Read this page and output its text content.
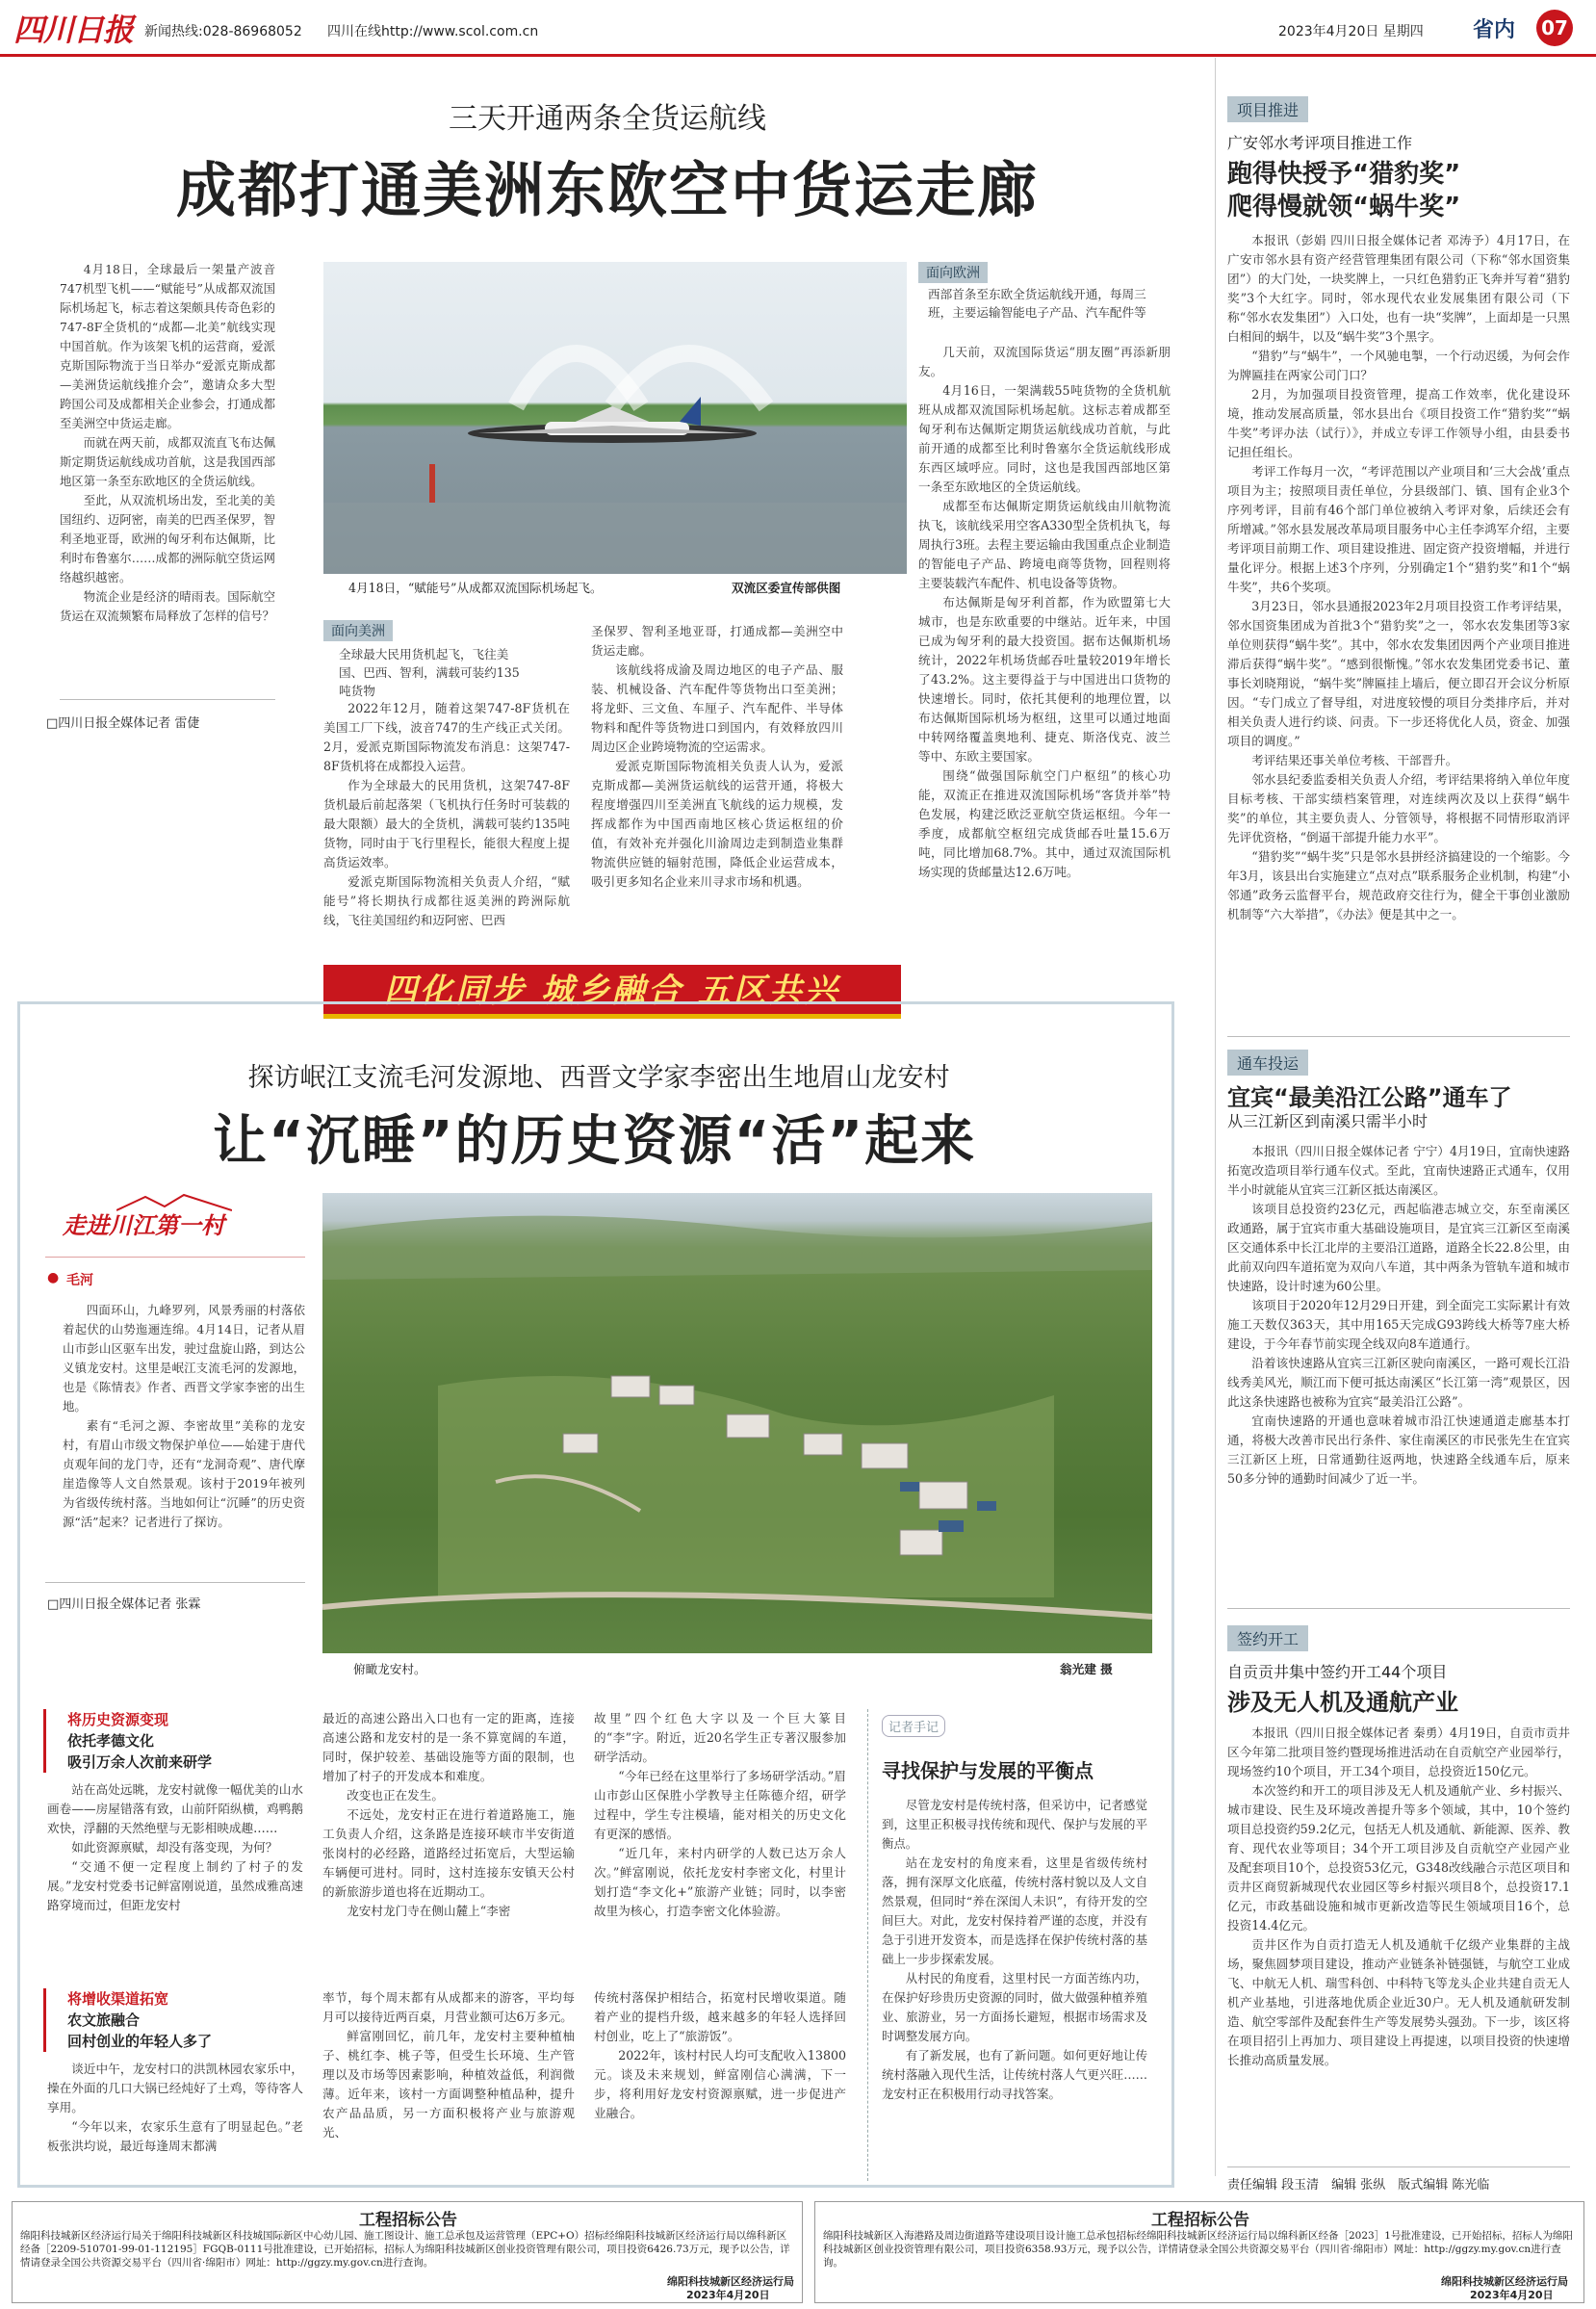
四川日报 新闻热线:028-86968052 四川在线http://www.scol.com.cn	2023年4月20日 星期四 省内 07
三天开通两条全货运航线
成都打通美洲东欧空中货运走廊

4月18日，全球最后一架量产波音747机型飞机——“赋能号”从成都双流国际机场起飞，标志着这架颇具传奇色彩的747-8F全货机的“成都—北美”航线实现中国首航。作为该架飞机的运营商，爱派克斯国际物流于当日举办“爱派克斯成都—美洲货运航线推介会”，邀请众多大型跨国公司及成都相关企业参会，打通成都至美洲空中货运走廊。

而就在两天前，成都双流直飞布达佩斯定期货运航线成功首航，这是我国西部地区第一条至东欧地区的全货运航线。

至此，从双流机场出发，至北美的美国纽约、迈阿密，南美的巴西圣保罗，智利圣地亚哥，欧洲的匈牙利布达佩斯，比利时布鲁塞尔……成都的洲际航空货运网络越织越密。

物流企业是经济的晴雨表。国际航空货运在双流频繁布局释放了怎样的信号？

□四川日报全媒体记者 雷倢
4月18日，“赋能号”从成都双流国际机场起飞。	双流区委宣传部供图
面向美洲
全球最大民用货机起飞，飞往美国、巴西、智利，满载可装约135吨货物

2022年12月，随着这架747-8F货机在美国工厂下线，波音747的生产线正式关闭。2月，爱派克斯国际物流发布消息：这架747-8F货机将在成都投入运营。

作为全球最大的民用货机，这架747-8F货机最后前起落架（飞机执行任务时可装载的最大限额）最大的全货机，满载可装约135吨货物，同时由于飞行里程长，能很大程度上提高货运效率。

爱派克斯国际物流相关负责人介绍，“赋能号”将长期执行成都往返美洲的跨洲际航线，飞往美国纽约和迈阿密、巴西

圣保罗、智利圣地亚哥，打通成都—美洲空中货运走廊。

该航线将成渝及周边地区的电子产品、服装、机械设备、汽车配件等货物出口至美洲；将龙虾、三文鱼、车厘子、汽车配件、半导体物料和配件等货物进口到国内，有效释放四川周边区企业跨境物流的空运需求。

爱派克斯国际物流相关负责人认为，爱派克斯成都—美洲货运航线的运营开通，将极大程度增强四川至美洲直飞航线的运力规模，发挥成都作为中国西南地区核心货运枢纽的价值，有效补充并强化川渝周边走到制造业集群物流供应链的辐射范围，降低企业运营成本，吸引更多知名企业来川寻求市场和机遇。

面向欧洲
西部首条至东欧全货运航线开通，每周三班，主要运输智能电子产品、汽车配件等

几天前，双流国际货运“朋友圈”再添新朋友。

4月16日，一架满载55吨货物的全货机航班从成都双流国际机场起航。这标志着成都至匈牙利布达佩斯定期货运航线成功首航，与此前开通的成都至比利时鲁塞尔全货运航线形成东西区域呼应。同时，这也是我国西部地区第一条至东欧地区的全货运航线。

成都至布达佩斯定期货运航线由川航物流执飞，该航线采用空客A330型全货机执飞，每周执行3班。去程主要运输由我国重点企业制造的智能电子产品、跨境电商等货物，回程则将主要装载汽车配件、机电设备等货物。

布达佩斯是匈牙利首都，作为欧盟第七大城市，也是东欧重要的中继站。近年来，中国已成为匈牙利的最大投资国。据布达佩斯机场统计，2022年机场货邮吞吐量较2019年增长了43.2%。这主要得益于与中国进出口货物的快速增长。同时，依托其便利的地理位置，以布达佩斯国际机场为枢纽，这里可以通过地面中转网络覆盖奥地利、捷克、斯洛伐克、波兰等中、东欧主要国家。

围绕“做强国际航空门户枢纽”的核心功能，双流正在推进双流国际机场“客货并举”特色发展，构建泛欧泛亚航空货运枢纽。今年一季度，成都航空枢纽完成货邮吞吐量15.6万吨，同比增加68.7%。其中，通过双流国际机场实现的货邮量达12.6万吨。

四化同步 城乡融合 五区共兴
探访岷江支流毛河发源地、西晋文学家李密出生地眉山龙安村
让“沉睡”的历史资源“活”起来
走进川江第一村
● 毛河

四面环山，九峰罗列，风景秀丽的村落依着起伏的山势迤逦连绵。4月14日，记者从眉山市彭山区驱车出发，驶过盘旋山路，到达公义镇龙安村。这里是岷江支流毛河的发源地，也是《陈情表》作者、西晋文学家李密的出生地。

素有“毛河之源、李密故里”美称的龙安村，有眉山市级文物保护单位——始建于唐代贞观年间的龙门寺，还有“龙洞奇观”、唐代摩崖造像等人文自然景观。该村于2019年被列为省级传统村落。当地如何让“沉睡”的历史资源“活”起来？记者进行了探访。

□四川日报全媒体记者 张霖
俯瞰龙安村。	翁光建 摄
将历史资源变现
依托孝德文化
吸引万余人次前来研学

站在高处远眺，龙安村就像一幅优美的山水画卷——房屋错落有致，山前阡陌纵横，鸡鸭鹅欢快，浮翻的天然绝壁与无影相映成趣……

如此资源禀赋，却没有落变现，为何？

“交通不便一定程度上制约了村子的发展。”龙安村党委书记鲜富刚说道，虽然成雅高速路穿境而过，但距龙安村

将增收渠道拓宽
农文旅融合
回村创业的年轻人多了

谈近中午，龙安村口的洪凯林园农家乐中，操在外面的几口大锅已经炖好了土鸡，等待客人享用。

“今年以来，农家乐生意有了明显起色。”老板张洪均说，最近每逢周末都满

最近的高速公路出入口也有一定的距离，连接高速公路和龙安村的是一条不算宽阔的车道，同时，保护较差、基础设施等方面的限制，也增加了村子的开发成本和难度。

改变也正在发生。

不远处，龙安村正在进行着道路施工，施工负责人介绍，这条路是连接环峡市半安街道张岗村的必经路，道路经过拓宽后，大型运输车辆便可进村。同时，这村连接东安镇天公村的新旅游步道也将在近期动工。

龙安村龙门寺在侧山麓上“李密

率节，每个周末都有从成都来的游客，平均每月可以接待近两百桌，月营业额可达6万多元。

鲜富刚回忆，前几年，龙安村主要种植柚子、桃红李、桃子等，但受生长环境、生产管理以及市场等因素影响，种植效益低，利润微薄。近年来，该村一方面调整种植品种，提升农产品品质，另一方面积极将产业与旅游观光、

故里”四个红色大字以及一个巨大篆目的“李”字。附近，近20名学生正专著汉服参加研学活动。

“今年已经在这里举行了多场研学活动。”眉山市彭山区保胜小学教导主任陈德介绍，研学过程中，学生专注模墙，能对相关的历史文化有更深的感悟。

“近几年，来村内研学的人数已达万余人次。”鲜富刚说，依托龙安村李密文化，村里计划打造“李文化+”旅游产业链；同时，以李密故里为核心，打造李密文化体验游。

传统村落保护相结合，拓宽村民增收渠道。随着产业的提档升级，越来越多的年轻人选择回村创业，吃上了“旅游饭”。

2022年，该村村民人均可支配收入13800元。谈及未来规划，鲜富刚信心满满，下一步，将利用好龙安村资源禀赋，进一步促进产业融合。

记者手记
寻找保护与发展的平衡点

尽管龙安村是传统村落，但采访中，记者感觉到，这里正积极寻找传统和现代、保护与发展的平衡点。

站在龙安村的角度来看，这里是省级传统村落，拥有深厚文化底蕴，传统村落村貌以及人文自然景观，但同时“养在深闺人未识”，有待开发的空间巨大。对此，龙安村保持着严谨的态度，并没有急于引进开发资本，而是选择在保护传统村落的基础上一步步探索发展。

从村民的角度看，这里村民一方面苦练内功，在保护好珍贵历史资源的同时，做大做强种植养殖业、旅游业，另一方面扬长避短，根据市场需求及时调整发展方向。

有了新发展，也有了新问题。如何更好地让传统村落融入现代生活，让传统村落人气更兴旺……龙安村正在积极用行动寻找答案。

项目推进
广安邻水考评项目推进工作
跑得快授予“猎豹奖”
爬得慢就领“蜗牛奖”

本报讯（彭娟 四川日报全媒体记者 邓涛予）4月17日，在广安市邻水县有资产经营管理集团有限公司（下称“邻水国资集团”）的大门处，一块奖牌上，一只红色猎豹正飞奔并写着“猎豹奖”3个大红字。同时，邻水现代农业发展集团有限公司（下称“邻水农发集团”）入口处，也有一块“奖牌”，上面却是一只黑白相间的蜗牛，以及“蜗牛奖”3个黑字。

“猎豹”与“蜗牛”，一个风驰电掣，一个行动迟缓，为何会作为牌匾挂在两家公司门口？

2月，为加强项目投资管理，提高工作效率，优化建设环境，推动发展高质量，邻水县出台《项目投资工作“猎豹奖”“蜗牛奖”考评办法（试行）》，并成立专评工作领导小组，由县委书记担任组长。

考评工作每月一次，“考评范围以产业项目和‘三大会战’重点项目为主；按照项目责任单位，分县级部门、镇、国有企业3个序列考评，目前有46个部门单位被纳入考评对象，后续还会有所增减。”邻水县发展改革局项目服务中心主任李鸿军介绍，主要考评项目前期工作、项目建设推进、固定资产投资增幅，并进行量化评分。根据上述3个序列，分别确定1个“猎豹奖”和1个“蜗牛奖”，共6个奖项。

3月23日，邻水县通报2023年2月项目投资工作考评结果，邻水国资集团成为首批3个“猎豹奖”之一，邻水农发集团等3家单位则获得“蜗牛奖”。其中，邻水农发集团因两个产业项目推进滞后获得“蜗牛奖”。“感到很惭愧。”邻水农发集团党委书记、董事长刘晓翔说，“蜗牛奖”牌匾挂上墙后，便立即召开会议分析原因。“专门成立了督导组，对进度较慢的项目分类排序后，并对相关负责人进行约谈、问责。下一步还将优化人员，资金、加强项目的调度。”

考评结果还事关单位考核、干部晋升。

邻水县纪委监委相关负责人介绍，考评结果将纳入单位年度目标考核、干部实绩档案管理，对连续两次及以上获得“蜗牛奖”的单位，其主要负责人、分管领导，将根据不同情形取消评先评优资格，“倒逼干部提升能力水平”。

“猎豹奖”“蜗牛奖”只是邻水县拼经济搞建设的一个缩影。今年3月，该县出台实施建立“点对点”联系服务企业机制，构建“小邻通”政务云监督平台，规范政府交往行为，健全干事创业激励机制等“六大举措”，《办法》便是其中之一。

通车投运
宜宾“最美沿江公路”通车了
从三江新区到南溪只需半小时

本报讯（四川日报全媒体记者 宁宁）4月19日，宜南快速路拓宽改造项目举行通车仪式。至此，宜南快速路正式通车，仅用半小时就能从宜宾三江新区抵达南溪区。

该项目总投资约23亿元，西起临港志城立交，东至南溪区政通路，属于宜宾市重大基础设施项目，是宜宾三江新区至南溪区交通体系中长江北岸的主要沿江道路，道路全长22.8公里，由此前双向四车道拓宽为双向八车道，其中两条为管轨车道和城市快速路，设计时速为60公里。

该项目于2020年12月29日开建，到全面完工实际累计有效施工天数仅363天，其中用165天完成G93跨线大桥等7座大桥建设，于今年春节前实现全线双向8车道通行。

沿着该快速路从宜宾三江新区驶向南溪区，一路可观长江沿线秀美风光，顺江而下便可抵达南溪区“长江第一湾”观景区，因此这条快速路也被称为宜宾“最美沿江公路”。

宜南快速路的开通也意味着城市沿江快速通道走廊基本打通，将极大改善市民出行条件、家住南溪区的市民张先生在宜宾三江新区上班，日常通勤往返两地，快速路全线通车后，原来50多分钟的通勤时间减少了近一半。

签约开工
自贡贡井集中签约开工44个项目
涉及无人机及通航产业

本报讯（四川日报全媒体记者 秦勇）4月19日，自贡市贡井区今年第二批项目签约暨现场推进活动在自贡航空产业园举行，现场签约10个项目，开工34个项目，总投资近150亿元。

本次签约和开工的项目涉及无人机及通航产业、乡村振兴、城市建设、民生及环境改善提升等多个领域，其中，10个签约项目总投资约59.2亿元，包括无人机及通航、新能源、医养、教育、现代农业等项目；34个开工项目涉及自贡航空产业园产业及配套项目10个，总投资53亿元，G348改线融合示范区项目和贡井区商贸新城现代农业园区等乡村振兴项目8个，总投资17.1亿元，市政基础设施和城市更新改造等民生领域项目16个，总投资14.4亿元。

贡井区作为自贡打造无人机及通航千亿级产业集群的主战场，聚焦圆梦项目建设，推动产业链条补链强链，与航空工业成飞、中航无人机、瑞雪科创、中科特飞等龙头企业共建自贡无人机产业基地，引进落地优质企业近30户。无人机及通航研发制造、航空零部件及配套件生产等发展势头强劲。下一步，该区将在项目招引上再加力、项目建设上再提速，以项目投资的快速增长推动高质量发展。

责任编辑 段玉清　编辑 张纵　版式编辑 陈光临
工程招标公告
绵阳科技城新区经济运行局关于绵阳科技城新区科技城国际新区中心幼儿园、施工图设计、施工总承包及运营管理（EPC+O）招标经绵阳科技城新区经济运行局以绵科新区经备［2209-510701-99-01-112195］FGQB-0111号批准建设，已开始招标，招标人为绵阳科技城新区创业投资管理有限公司，项目投资6426.73万元，现予以公告，详情请登录全国公共资源交易平台（四川省·绵阳市）网址：http://ggzy.my.gov.cn进行查询。
绵阳科技城新区经济运行局
2023年4月20日
工程招标公告
绵阳科技城新区入海港路及周边街道路等建设项目设计施工总承包招标经绵阳科技城新区经济运行局以绵科新区经备［2023］1号批准建设，已开始招标，招标人为绵阳科技城新区创业投资管理有限公司，项目投资6358.93万元，现予以公告，详情请登录全国公共资源交易平台（四川省·绵阳市）网址：http://ggzy.my.gov.cn进行查询。
绵阳科技城新区经济运行局
2023年4月20日
